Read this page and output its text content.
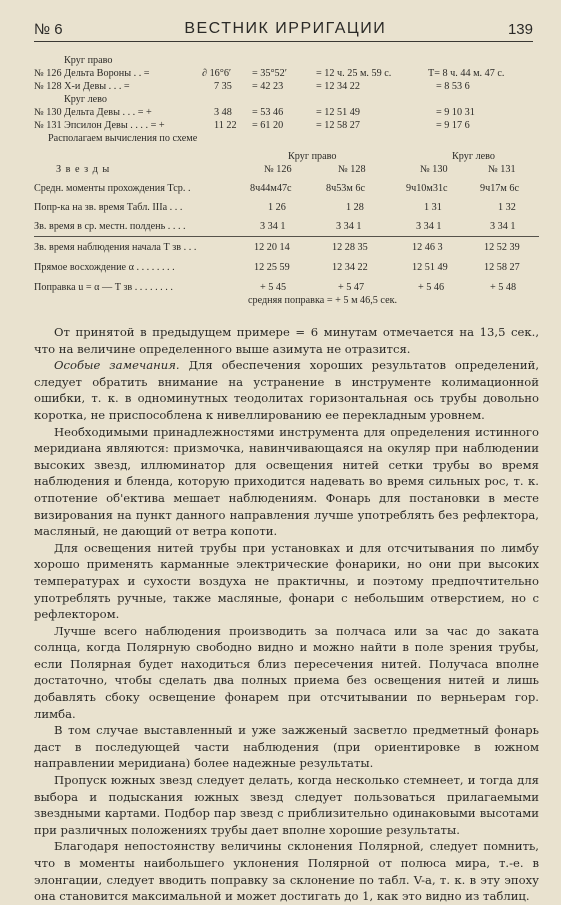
№ 6	ВЕСТНИК ИРРИГАЦИИ	139
Круг право
№ 126 Дельта Вороны . . =	∂ 16°6′ = 35°52′	= 12 ч. 25 м. 59 с.	T= 8 ч. 44 м. 47 с.
№ 128 Х-и Девы . . . =	7 35 = 42 23	= 12 34 22	= 8 53 6
Круг лево
№ 130 Дельта Девы . . . = +	3 48 = 53 46	= 12 51 49	= 9 10 31
№ 131 Эпсилон Девы . . . . = +	11 22 = 61 20	= 12 58 27	= 9 17 6
Располагаем вычисления по схеме
Круг право	Круг лево
З в е з д ы	№ 126	№ 128	№ 130	№ 131
Средн. моменты прохождения Тср. .	8ч44м47с	8ч53м 6с	9ч10м31с	9ч17м 6с
Попр-ка на зв. время Табл. IIIа . . .	1 26	1 28	1 31	1 32
Зв. время в ср. местн. полдень . . . .	3 34 1	3 34 1	3 34 1	3 34 1
Зв. время наблюдения начала Т зв . . .	12 20 14	12 28 35	12 46 3	12 52 39
Прямое восхождение α . . . . . . . .	12 25 59	12 34 22	12 51 49	12 58 27
Поправка u = α — T зв . . . . . . . .	+ 5 45	+ 5 47	+ 5 46	+ 5 48
средняя поправка = + 5 м 46,5 сек.

От принятой в предыдущем примере = 6 минутам отмечается на 13,5 сек., что на величине определенного выше азимута не отразится.

Особые замечания. Для обеспечения хороших результатов определений, следует обратить внимание на устранение в инструменте колимационной ошибки, т. к. в одноминутных теодолитах горизонтальная ось трубы довольно коротка, не приспособлена к нивеллированию ее перекладным уровнем.

Необходимыми принадлежностями инструмента для определения истинного меридиана являются: призмочка, навинчивающаяся на окуляр при наблюдении высоких звезд, иллюминатор для освещения нитей сетки трубы во время наблюдения и бленда, которую приходится надевать во время сильных рос, т. к. отпотение об'ектива мешает наблюдениям. Фонарь для постановки в месте визирования на пункт данного направления лучше употреблять без рефлектора, масляный, не дающий от ветра копоти.

Для освещения нитей трубы при установках и для отсчитывания по лимбу хорошо применять карманные электрические фонарики, но они при высоких температурах и сухости воздуха не практичны, и поэтому предпочтительно употреблять ручные, также масляные, фонари с небольшим отверстием, но с рефлектором.

Лучше всего наблюдения производить за полчаса или за час до заката солнца, когда Полярную свободно видно и можно найти в поле зрения трубы, если Полярная будет находиться близ пересечения нитей. Получаса вполне достаточно, чтобы сделать два полных приема без освещения нитей и лишь добавлять сбоку освещение фонарем при отсчитывании по верньерам гор. лимба.

В том случае выставленный и уже зажженый засветло предметный фонарь даст в последующей части наблюдения (при ориентировке в южном направлении меридиана) более надежные результаты.

Пропуск южных звезд следует делать, когда несколько стемнеет, и тогда для выбора и подыскания южных звезд следует пользоваться прилагаемыми звездными картами. Подбор пар звезд с приблизительно одинаковыми высотами при различных положениях трубы дает вполне хорошие результаты.

Благодаря непостоянству величины склонения Полярной, следует помнить, что в моменты наибольшего уклонения Полярной от полюса мира, т.-е. в элонгации, следует вводить поправку за склонение по табл. V-а, т. к. в эту эпоху она становится максимальной и может достигать до 1, как это видно из таблиц.
